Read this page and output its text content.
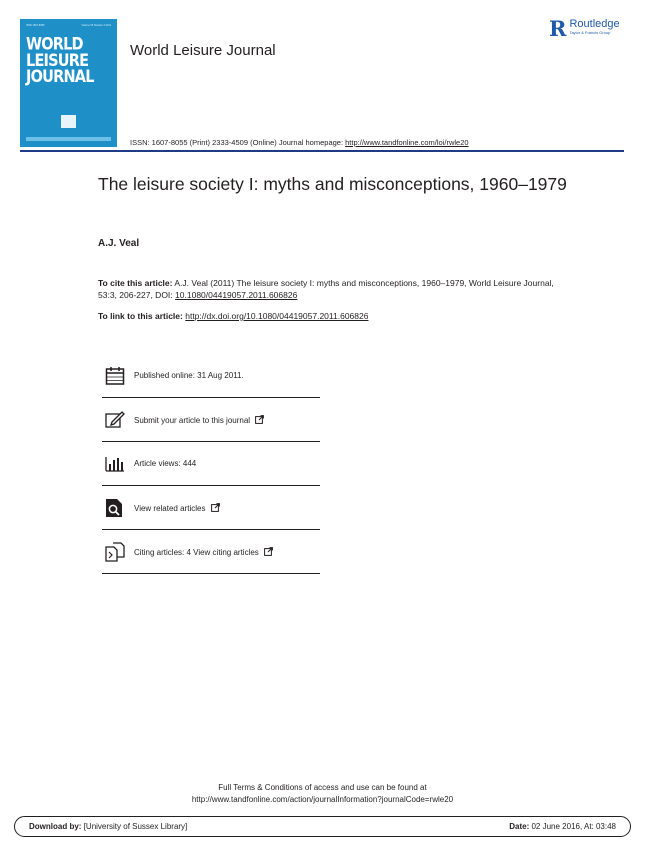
ISSN 1607-8055	Volume 53 Number 3 2011
WORLD
LEISURE
JOURNAL
World Leisure Journal
R Routledge
Taylor & Francis Group
ISSN: 1607-8055 (Print) 2333-4509 (Online) Journal homepage: http://www.tandfonline.com/loi/rwle20
The leisure society I: myths and misconceptions, 1960–1979
A.J. Veal
To cite this article: A.J. Veal (2011) The leisure society I: myths and misconceptions, 1960–1979, World Leisure Journal, 53:3, 206-227, DOI: 10.1080/04419057.2011.606826
To link to this article: http://dx.doi.org/10.1080/04419057.2011.606826
Published online: 31 Aug 2011.
Submit your article to this journal
Article views: 444
View related articles
Citing articles: 4 View citing articles
Full Terms & Conditions of access and use can be found at
http://www.tandfonline.com/action/journalInformation?journalCode=rwle20
Download by: [University of Sussex Library]	Date: 02 June 2016, At: 03:48
